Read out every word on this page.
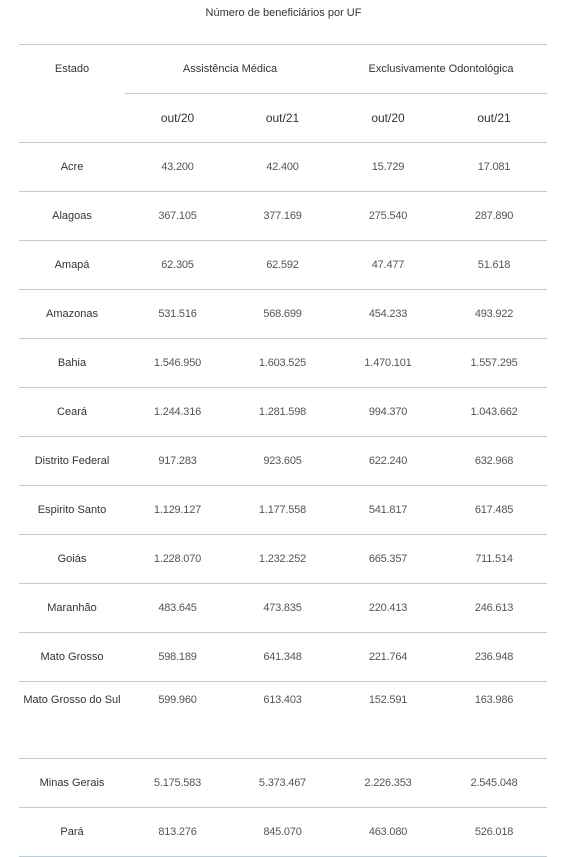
Número de beneficiários por UF
Estado	Assistência Médica		Exclusivamente Odontológica	
	out/20	out/21	out/20	out/21
Acre	43.200	42.400	15.729	17.081
Alagoas	367.105	377.169	275.540	287.890
Amapá	62.305	62.592	47.477	51.618
Amazonas	531.516	568.699	454.233	493.922
Bahia	1.546.950	1.603.525	1.470.101	1.557.295
Ceará	1.244.316	1.281.598	994.370	1.043.662
Distrito Federal	917.283	923.605	622.240	632.968
Espirito Santo	1.129.127	1.177.558	541.817	617.485
Goiás	1.228.070	1.232.252	665.357	711.514
Maranhão	483.645	473.835	220.413	246.613
Mato Grosso	598.189	641.348	221.764	236.948
Mato Grosso do Sul	599.960	613.403	152.591	163.986
Minas Gerais	5.175.583	5.373.467	2.226.353	2.545.048
Pará	813.276	845.070	463.080	526.018
